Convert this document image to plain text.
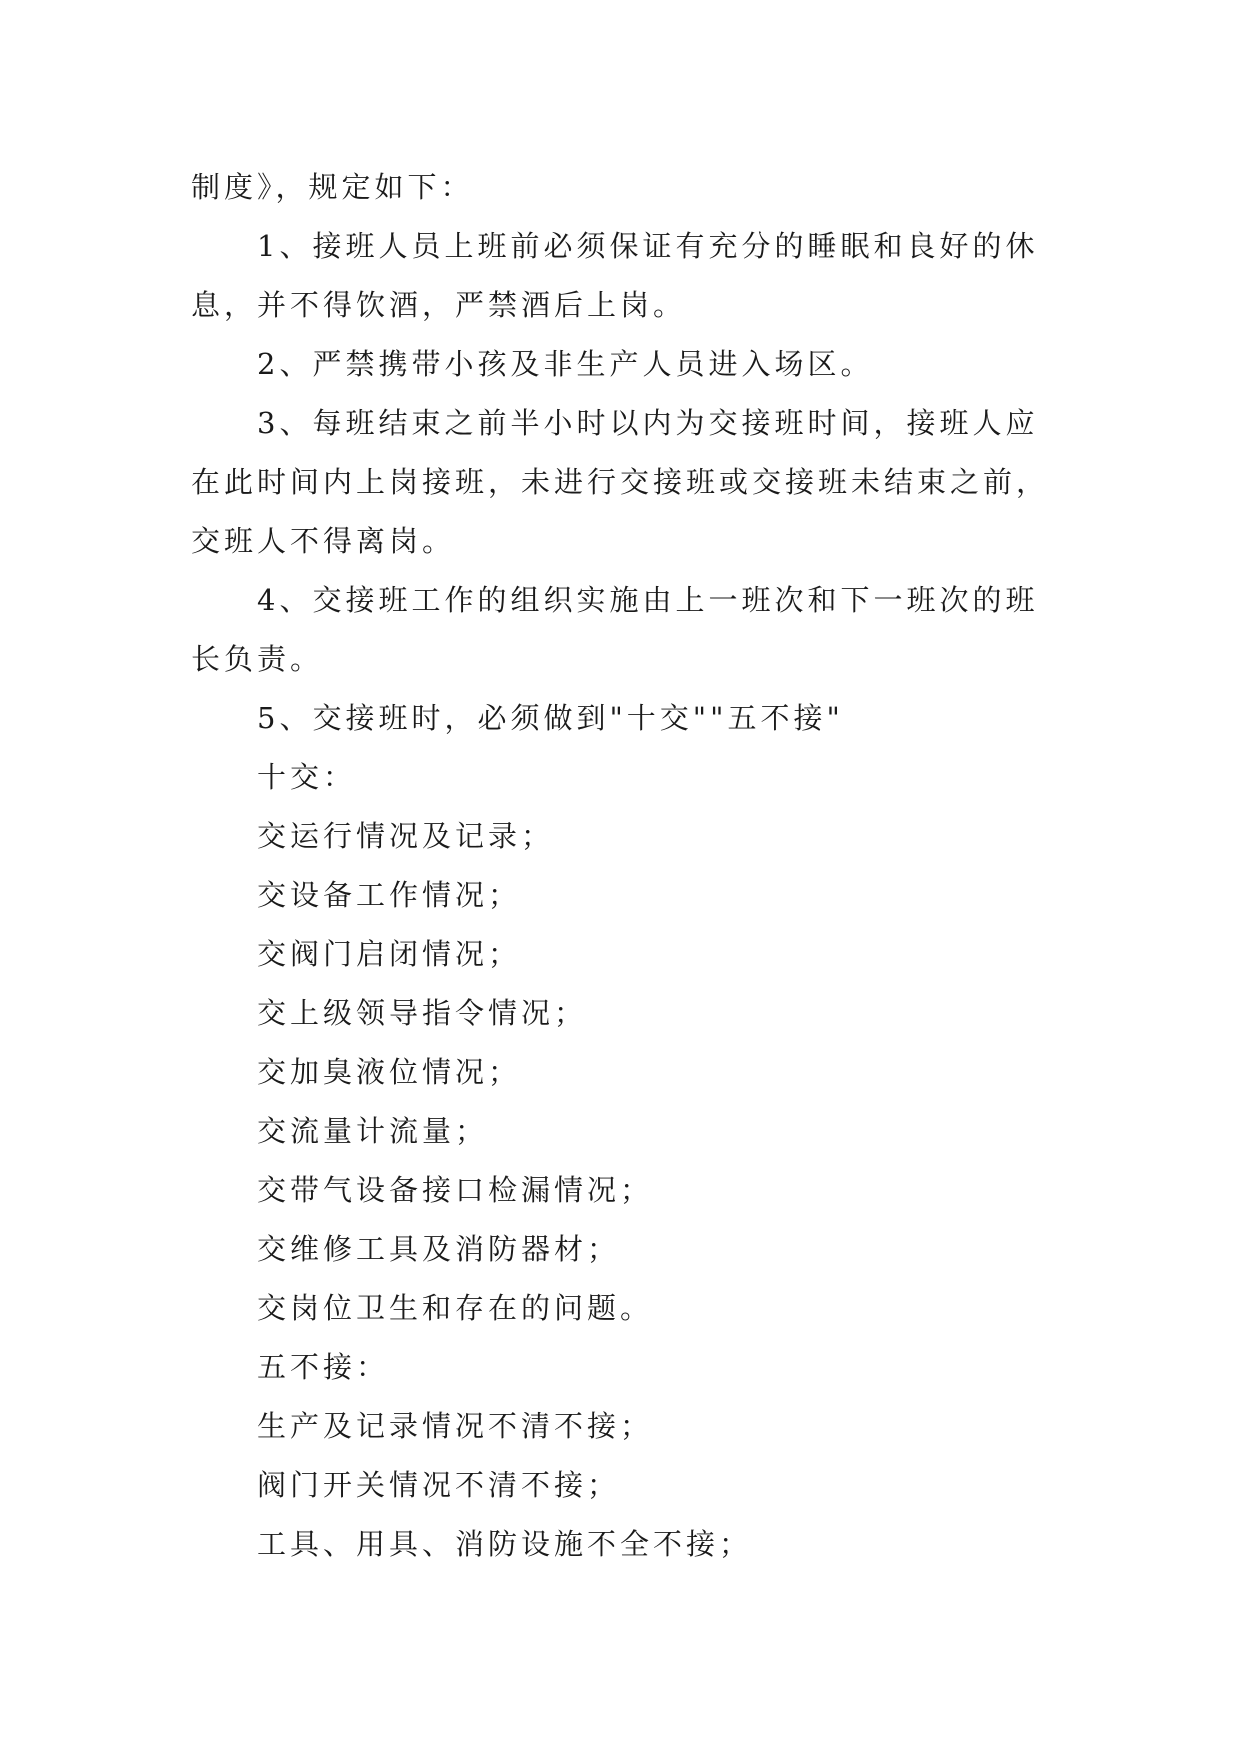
制度》，规定如下：
1、接班人员上班前必须保证有充分的睡眠和良好的休
息，并不得饮酒，严禁酒后上岗。
2、严禁携带小孩及非生产人员进入场区。
3、每班结束之前半小时以内为交接班时间，接班人应
在此时间内上岗接班，未进行交接班或交接班未结束之前，
交班人不得离岗。
4、交接班工作的组织实施由上一班次和下一班次的班
长负责。
5、交接班时，必须做到"十交""五不接"
十交：
交运行情况及记录；
交设备工作情况；
交阀门启闭情况；
交上级领导指令情况；
交加臭液位情况；
交流量计流量；
交带气设备接口检漏情况；
交维修工具及消防器材；
交岗位卫生和存在的问题。
五不接：
生产及记录情况不清不接；
阀门开关情况不清不接；
工具、用具、消防设施不全不接；
